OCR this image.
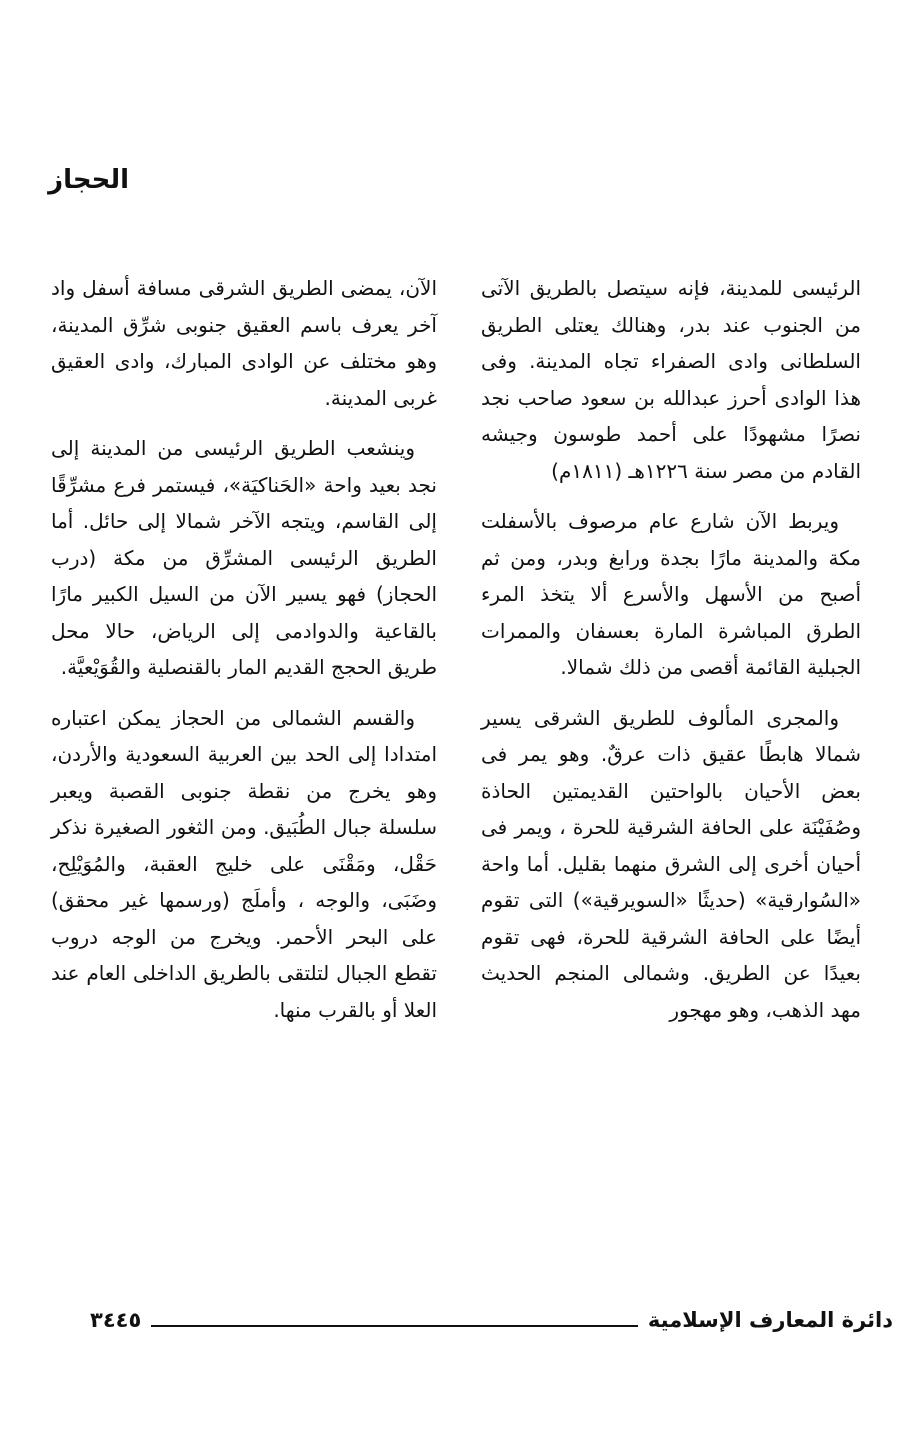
الحجاز

الرئيسى للمدينة، فإنه سيتصل بالطريق الآتى من الجنوب عند بدر، وهنالك يعتلى الطريق السلطانى وادى الصفراء تجاه المدينة. وفى هذا الوادى أحرز عبدالله بن سعود صاحب نجد نصرًا مشهودًا على أحمد طوسون وجيشه القادم من مصر سنة ١٢٢٦هـ (١٨١١م)

ويربط الآن شارع عام مرصوف بالأسفلت مكة والمدينة مارًا بجدة ورابغ وبدر، ومن ثم أصبح من الأسهل والأسرع ألا يتخذ المرء الطرق المباشرة المارة بعسفان والممرات الجبلية القائمة أقصى من ذلك شمالا.

والمجرى المألوف للطريق الشرقى يسير شمالا هابطًا عقيق ذات عرقٌ. وهو يمر فى بعض الأحيان بالواحتين القديمتين الحاذة وصُفَيْنَة على الحافة الشرقية للحرة ، ويمر فى أحيان أخرى إلى الشرق منهما بقليل. أما واحة «السُوارقية» (حديثًا «السويرقية») التى تقوم أيضًا على الحافة الشرقية للحرة، فهى تقوم بعيدًا عن الطريق. وشمالى المنجم الحديث مهد الذهب، وهو مهجور

الآن، يمضى الطريق الشرقى مسافة أسفل واد آخر يعرف باسم العقيق جنوبى شرِّق المدينة، وهو مختلف عن الوادى المبارك، وادى العقيق غربى المدينة.

وينشعب الطريق الرئيسى من المدينة إلى نجد بعيد واحة «الحَناكيَة»، فيستمر فرع مشرِّقًا إلى القاسم، ويتجه الآخر شمالا إلى حائل. أما الطريق الرئيسى المشرِّق من مكة (درب الحجاز) فهو يسير الآن من السيل الكبير مارًا بالقاعية والدوادمى إلى الرياض، حالا محل طريق الحجج القديم المار بالقنصلية والقُوَيْعيَّة.

والقسم الشمالى من الحجاز يمكن اعتباره امتدادا إلى الحد بين العربية السعودية والأردن، وهو يخرج من نقطة جنوبى القصبة ويعبر سلسلة جبال الطُبَيق. ومن الثغور الصغيرة نذكر حَقْل، ومَقْنَى على خليج العقبة، والمُوَيْلِح، وضَبَى، والوجه ، وأملَج (ورسمها غير محقق) على البحر الأحمر. ويخرج من الوجه دروب تقطع الجبال لتلتقى بالطريق الداخلى العام عند العلا أو بالقرب منها.

دائرة المعارف الإسلامية
٣٤٤٥
